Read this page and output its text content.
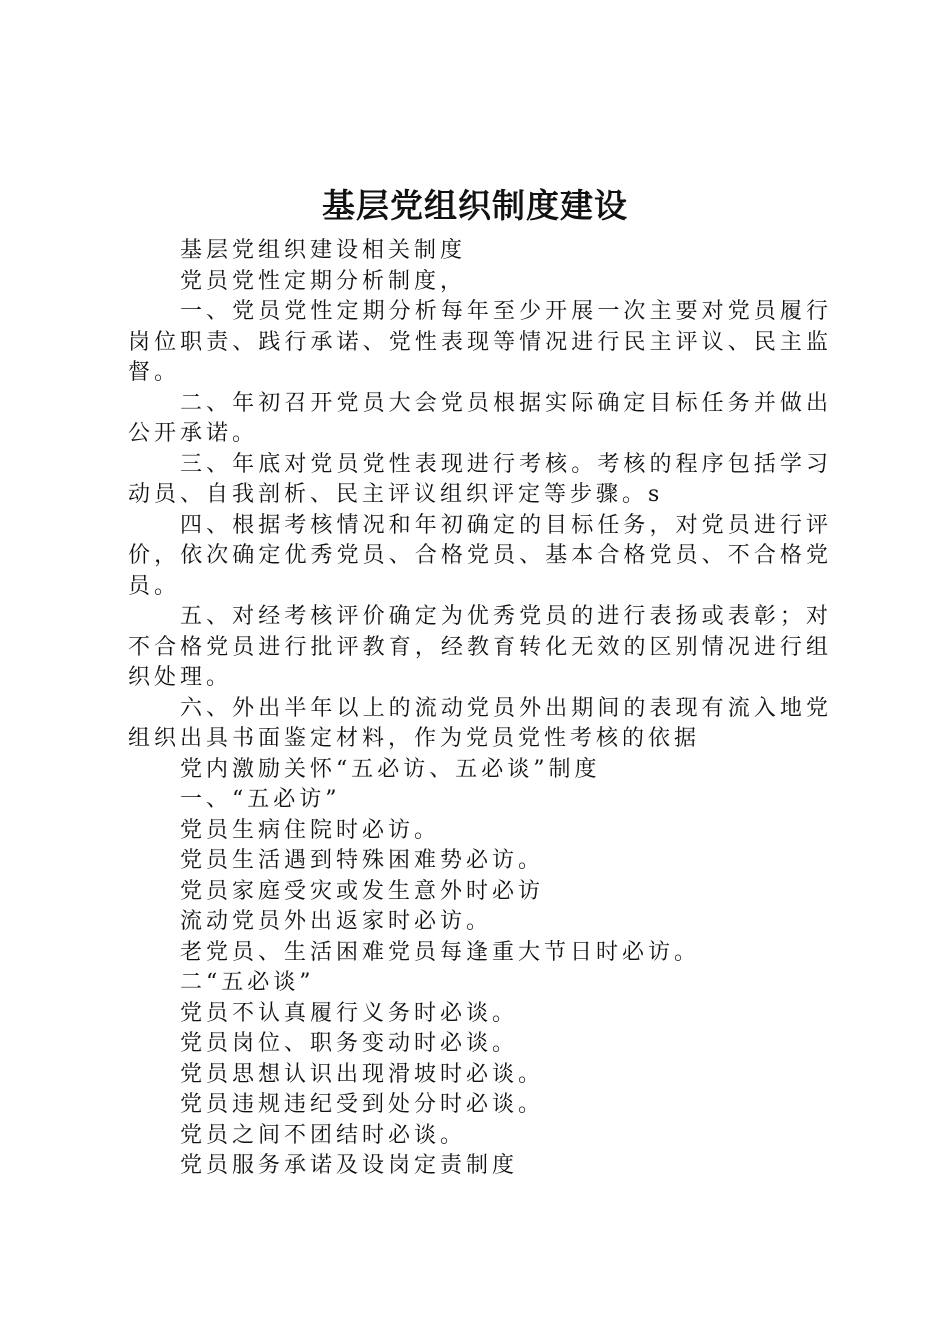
基层党组织制度建设

基层党组织建设相关制度

党员党性定期分析制度，

一、党员党性定期分析每年至少开展一次主要对党员履行岗位职责、践行承诺、党性表现等情况进行民主评议、民主监督。

二、年初召开党员大会党员根据实际确定目标任务并做出公开承诺。

三、年底对党员党性表现进行考核。考核的程序包括学习动员、自我剖析、民主评议组织评定等步骤。s

四、根据考核情况和年初确定的目标任务，对党员进行评价，依次确定优秀党员、合格党员、基本合格党员、不合格党员。

五、对经考核评价确定为优秀党员的进行表扬或表彰；对不合格党员进行批评教育，经教育转化无效的区别情况进行组织处理。

六、外出半年以上的流动党员外出期间的表现有流入地党组织出具书面鉴定材料，作为党员党性考核的依据

党内激励关怀“五必访、五必谈”制度

一、“五必访”

党员生病住院时必访。

党员生活遇到特殊困难势必访。

党员家庭受灾或发生意外时必访

流动党员外出返家时必访。

老党员、生活困难党员每逢重大节日时必访。

二“五必谈”

党员不认真履行义务时必谈。

党员岗位、职务变动时必谈。

党员思想认识出现滑坡时必谈。

党员违规违纪受到处分时必谈。

党员之间不团结时必谈。

党员服务承诺及设岗定责制度
